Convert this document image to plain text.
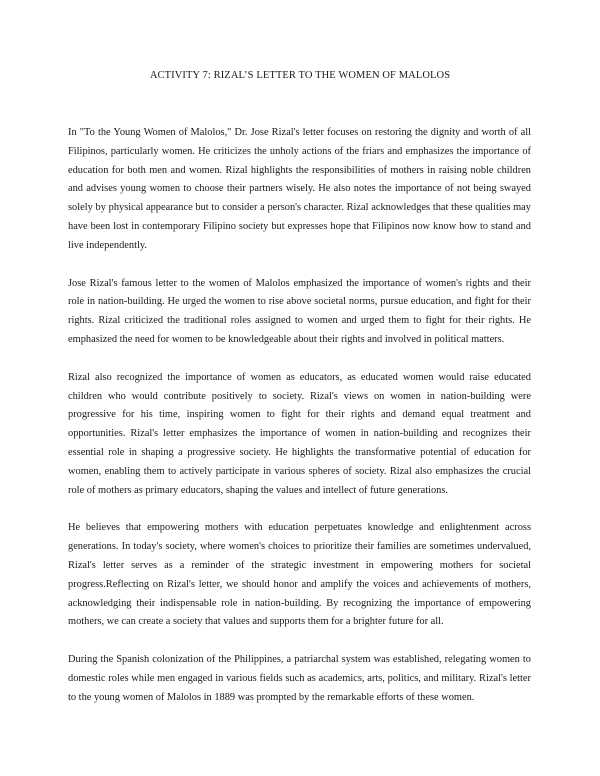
ACTIVITY 7: RIZAL’S LETTER TO THE WOMEN OF MALOLOS

In "To the Young Women of Malolos," Dr. Jose Rizal's letter focuses on restoring the dignity and worth of all Filipinos, particularly women. He criticizes the unholy actions of the friars and emphasizes the importance of education for both men and women. Rizal highlights the responsibilities of mothers in raising noble children and advises young women to choose their partners wisely. He also notes the importance of not being swayed solely by physical appearance but to consider a person's character. Rizal acknowledges that these qualities may have been lost in contemporary Filipino society but expresses hope that Filipinos now know how to stand and live independently.

Jose Rizal's famous letter to the women of Malolos emphasized the importance of women's rights and their role in nation-building. He urged the women to rise above societal norms, pursue education, and fight for their rights. Rizal criticized the traditional roles assigned to women and urged them to fight for their rights. He emphasized the need for women to be knowledgeable about their rights and involved in political matters.

Rizal also recognized the importance of women as educators, as educated women would raise educated children who would contribute positively to society. Rizal's views on women in nation-building were progressive for his time, inspiring women to fight for their rights and demand equal treatment and opportunities. Rizal's letter emphasizes the importance of women in nation-building and recognizes their essential role in shaping a progressive society. He highlights the transformative potential of education for women, enabling them to actively participate in various spheres of society. Rizal also emphasizes the crucial role of mothers as primary educators, shaping the values and intellect of future generations.

He believes that empowering mothers with education perpetuates knowledge and enlightenment across generations. In today's society, where women's choices to prioritize their families are sometimes undervalued, Rizal's letter serves as a reminder of the strategic investment in empowering mothers for societal progress.Reflecting on Rizal's letter, we should honor and amplify the voices and achievements of mothers, acknowledging their indispensable role in nation-building. By recognizing the importance of empowering mothers, we can create a society that values and supports them for a brighter future for all.

During the Spanish colonization of the Philippines, a patriarchal system was established, relegating women to domestic roles while men engaged in various fields such as academics, arts, politics, and military. Rizal's letter to the young women of Malolos in 1889 was prompted by the remarkable efforts of these women.
